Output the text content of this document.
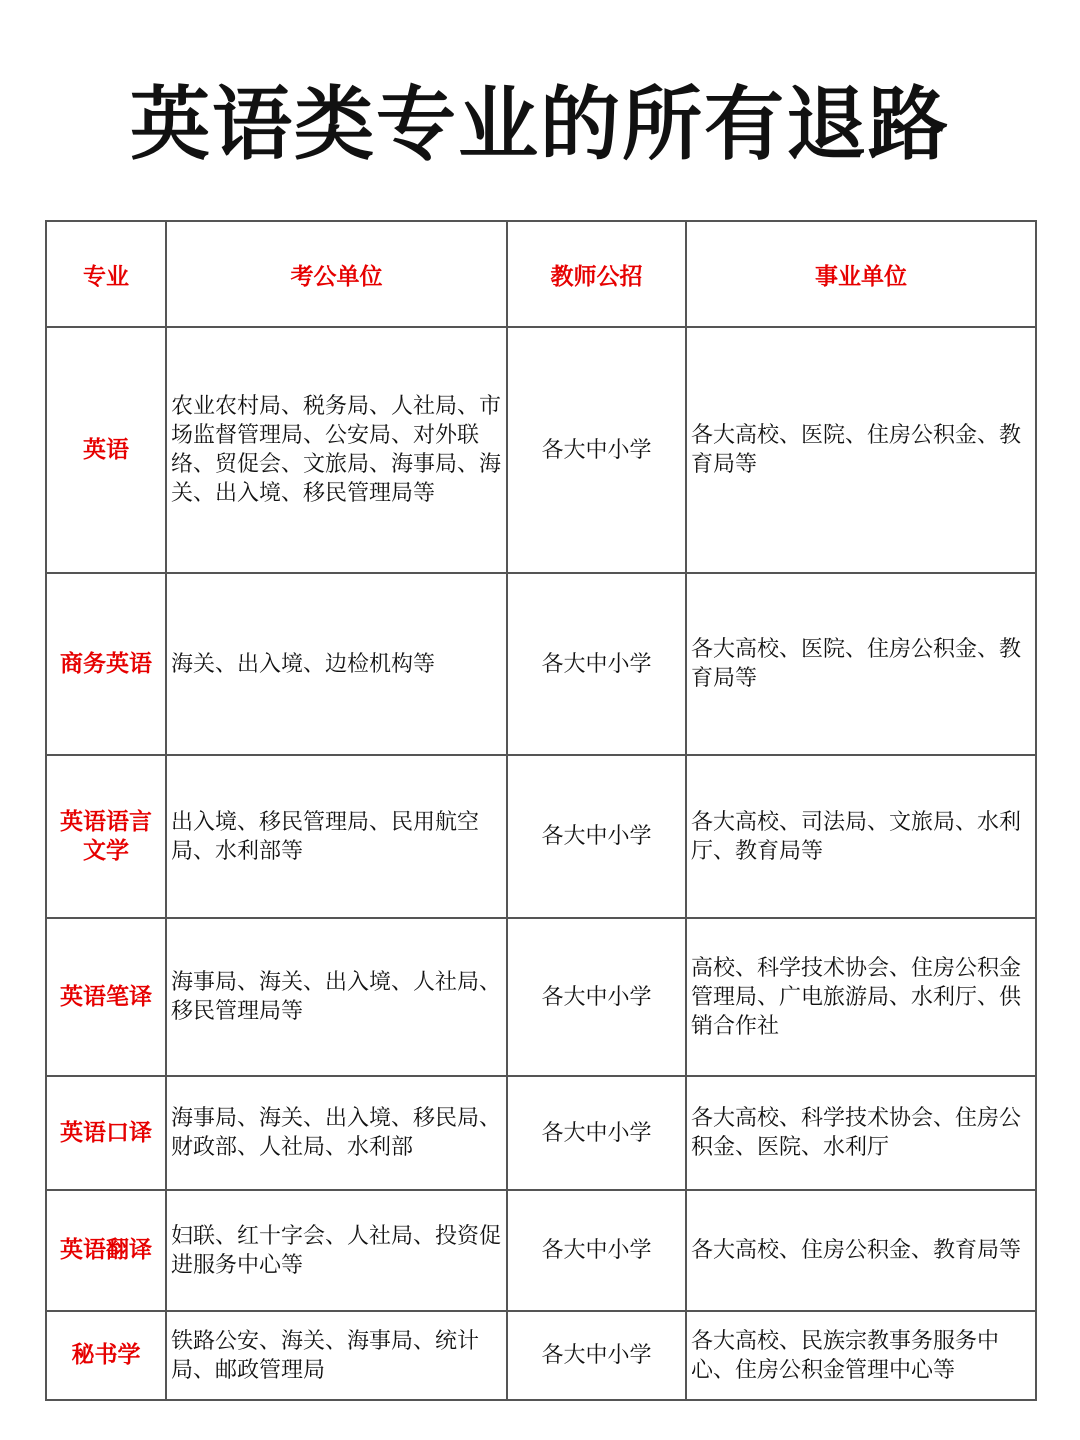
英语类专业的所有退路
专业	考公单位	教师公招	事业单位
英语	农业农村局、税务局、人社局、市场监督管理局、公安局、对外联络、贸促会、文旅局、海事局、海关、出入境、移民管理局等	各大中小学	各大高校、医院、住房公积金、教育局等
商务英语	海关、出入境、边检机构等	各大中小学	各大高校、医院、住房公积金、教育局等
英语语言文学	出入境、移民管理局、民用航空局、水利部等	各大中小学	各大高校、司法局、文旅局、水利厅、教育局等
英语笔译	海事局、海关、出入境、人社局、移民管理局等	各大中小学	高校、科学技术协会、住房公积金管理局、广电旅游局、水利厅、供销合作社
英语口译	海事局、海关、出入境、移民局、财政部、人社局、水利部	各大中小学	各大高校、科学技术协会、住房公积金、医院、水利厅
英语翻译	妇联、红十字会、人社局、投资促进服务中心等	各大中小学	各大高校、住房公积金、教育局等
秘书学	铁路公安、海关、海事局、统计局、邮政管理局	各大中小学	各大高校、民族宗教事务服务中心、住房公积金管理中心等
